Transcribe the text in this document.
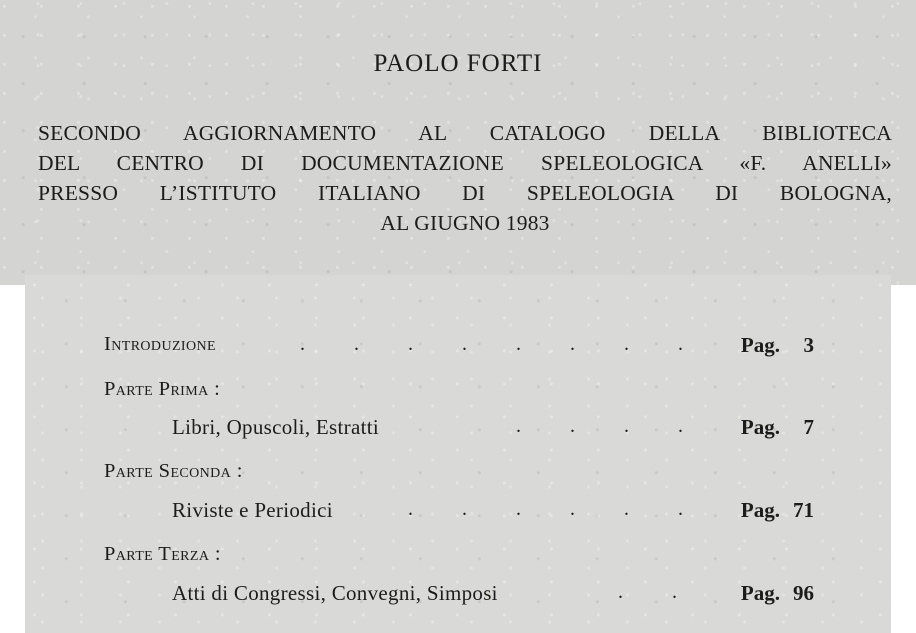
PAOLO FORTI
SECONDO AGGIORNAMENTO AL CATALOGO DELLA BIBLIOTECA
DEL CENTRO DI DOCUMENTAZIONE SPELEOLOGICA «F. ANELLI»
PRESSO L’ISTITUTO ITALIANO DI SPELEOLOGIA DI BOLOGNA,
AL GIUGNO 1983
Introduzione	. . . . . . . .	Pag. 3
Parte Prima :
Libri, Opuscoli, Estratti	. . . .	Pag. 7
Parte Seconda :
Riviste e Periodici	. . . . . .	Pag. 71
Parte Terza :
Atti di Congressi, Convegni, Simposi	. .	Pag. 96
